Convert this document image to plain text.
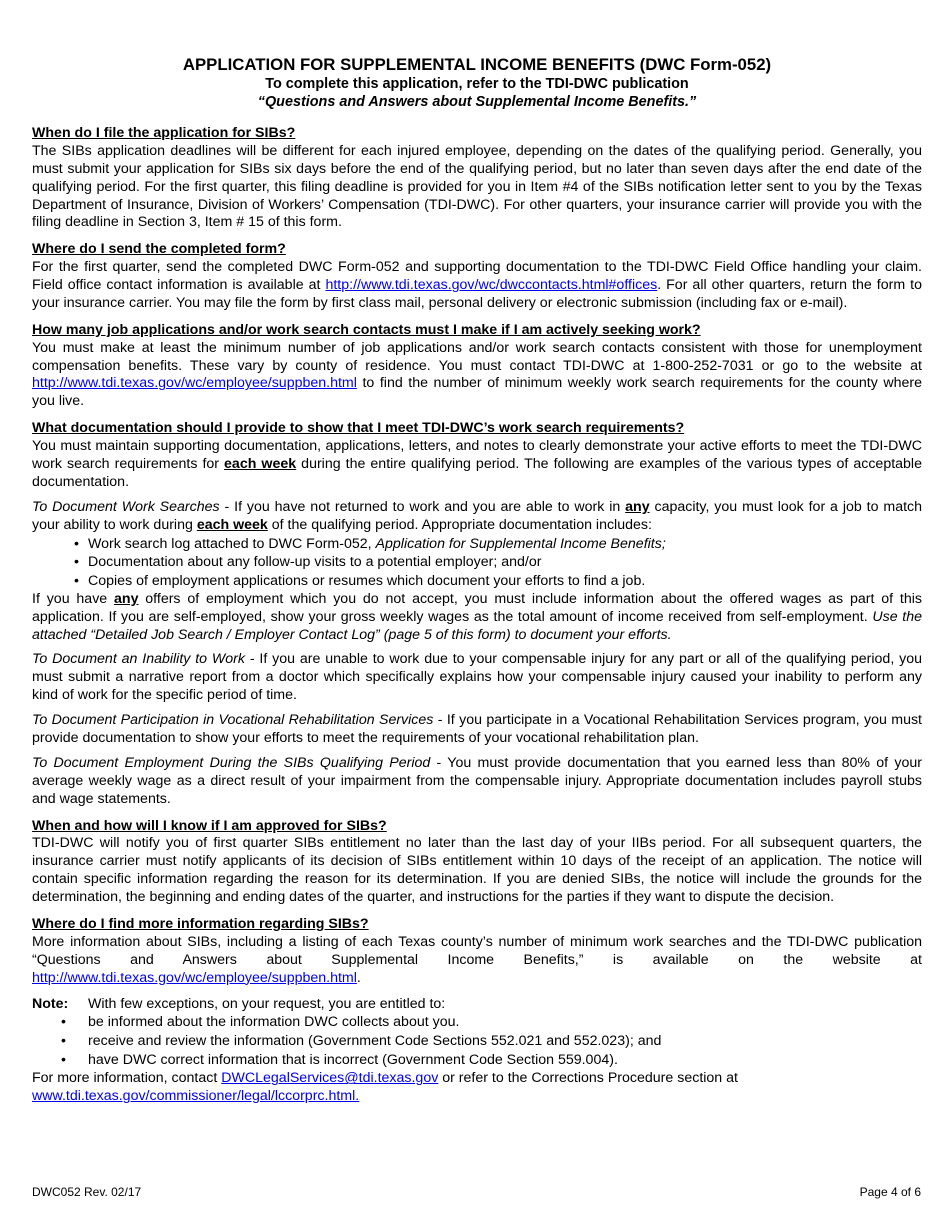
APPLICATION FOR SUPPLEMENTAL INCOME BENEFITS (DWC Form-052)
To complete this application, refer to the TDI-DWC publication
“Questions and Answers about Supplemental Income Benefits.”
When do I file the application for SIBs?

The SIBs application deadlines will be different for each injured employee, depending on the dates of the qualifying period. Generally, you must submit your application for SIBs six days before the end of the qualifying period, but no later than seven days after the end date of the qualifying period. For the first quarter, this filing deadline is provided for you in Item #4 of the SIBs notification letter sent to you by the Texas Department of Insurance, Division of Workers’ Compensation (TDI-DWC). For other quarters, your insurance carrier will provide you with the filing deadline in Section 3, Item # 15 of this form.

Where do I send the completed form?

For the first quarter, send the completed DWC Form-052 and supporting documentation to the TDI-DWC Field Office handling your claim. Field office contact information is available at http://www.tdi.texas.gov/wc/dwccontacts.html#offices. For all other quarters, return the form to your insurance carrier. You may file the form by first class mail, personal delivery or electronic submission (including fax or e-mail).

How many job applications and/or work search contacts must I make if I am actively seeking work?

You must make at least the minimum number of job applications and/or work search contacts consistent with those for unemployment compensation benefits. These vary by county of residence. You must contact TDI-DWC at 1-800-252-7031 or go to the website at http://www.tdi.texas.gov/wc/employee/suppben.html to find the number of minimum weekly work search requirements for the county where you live.

What documentation should I provide to show that I meet TDI-DWC’s work search requirements?

You must maintain supporting documentation, applications, letters, and notes to clearly demonstrate your active efforts to meet the TDI-DWC work search requirements for each week during the entire qualifying period. The following are examples of the various types of acceptable documentation.

To Document Work Searches - If you have not returned to work and you are able to work in any capacity, you must look for a job to match your ability to work during each week of the qualifying period. Appropriate documentation includes:

• Work search log attached to DWC Form-052, Application for Supplemental Income Benefits;
• Documentation about any follow-up visits to a potential employer; and/or
• Copies of employment applications or resumes which document your efforts to find a job.

If you have any offers of employment which you do not accept, you must include information about the offered wages as part of this application. If you are self-employed, show your gross weekly wages as the total amount of income received from self-employment. Use the attached “Detailed Job Search / Employer Contact Log” (page 5 of this form) to document your efforts.

To Document an Inability to Work - If you are unable to work due to your compensable injury for any part or all of the qualifying period, you must submit a narrative report from a doctor which specifically explains how your compensable injury caused your inability to perform any kind of work for the specific period of time.

To Document Participation in Vocational Rehabilitation Services - If you participate in a Vocational Rehabilitation Services program, you must provide documentation to show your efforts to meet the requirements of your vocational rehabilitation plan.

To Document Employment During the SIBs Qualifying Period - You must provide documentation that you earned less than 80% of your average weekly wage as a direct result of your impairment from the compensable injury. Appropriate documentation includes payroll stubs and wage statements.

When and how will I know if I am approved for SIBs?

TDI-DWC will notify you of first quarter SIBs entitlement no later than the last day of your IIBs period. For all subsequent quarters, the insurance carrier must notify applicants of its decision of SIBs entitlement within 10 days of the receipt of an application. The notice will contain specific information regarding the reason for its determination. If you are denied SIBs, the notice will include the grounds for the determination, the beginning and ending dates of the quarter, and instructions for the parties if they want to dispute the decision.

Where do I find more information regarding SIBs?

More information about SIBs, including a listing of each Texas county’s number of minimum work searches and the TDI-DWC publication “Questions and Answers about Supplemental Income Benefits,” is available on the website at http://www.tdi.texas.gov/wc/employee/suppben.html.

Note:	With few exceptions, on your request, you are entitled to:
• be informed about the information DWC collects about you.
• receive and review the information (Government Code Sections 552.021 and 552.023); and
• have DWC correct information that is incorrect (Government Code Section 559.004).
For more information, contact DWCLegalServices@tdi.texas.gov or refer to the Corrections Procedure section at
www.tdi.texas.gov/commissioner/legal/lccorprc.html.
DWC052 Rev. 02/17	Page 4 of 6
